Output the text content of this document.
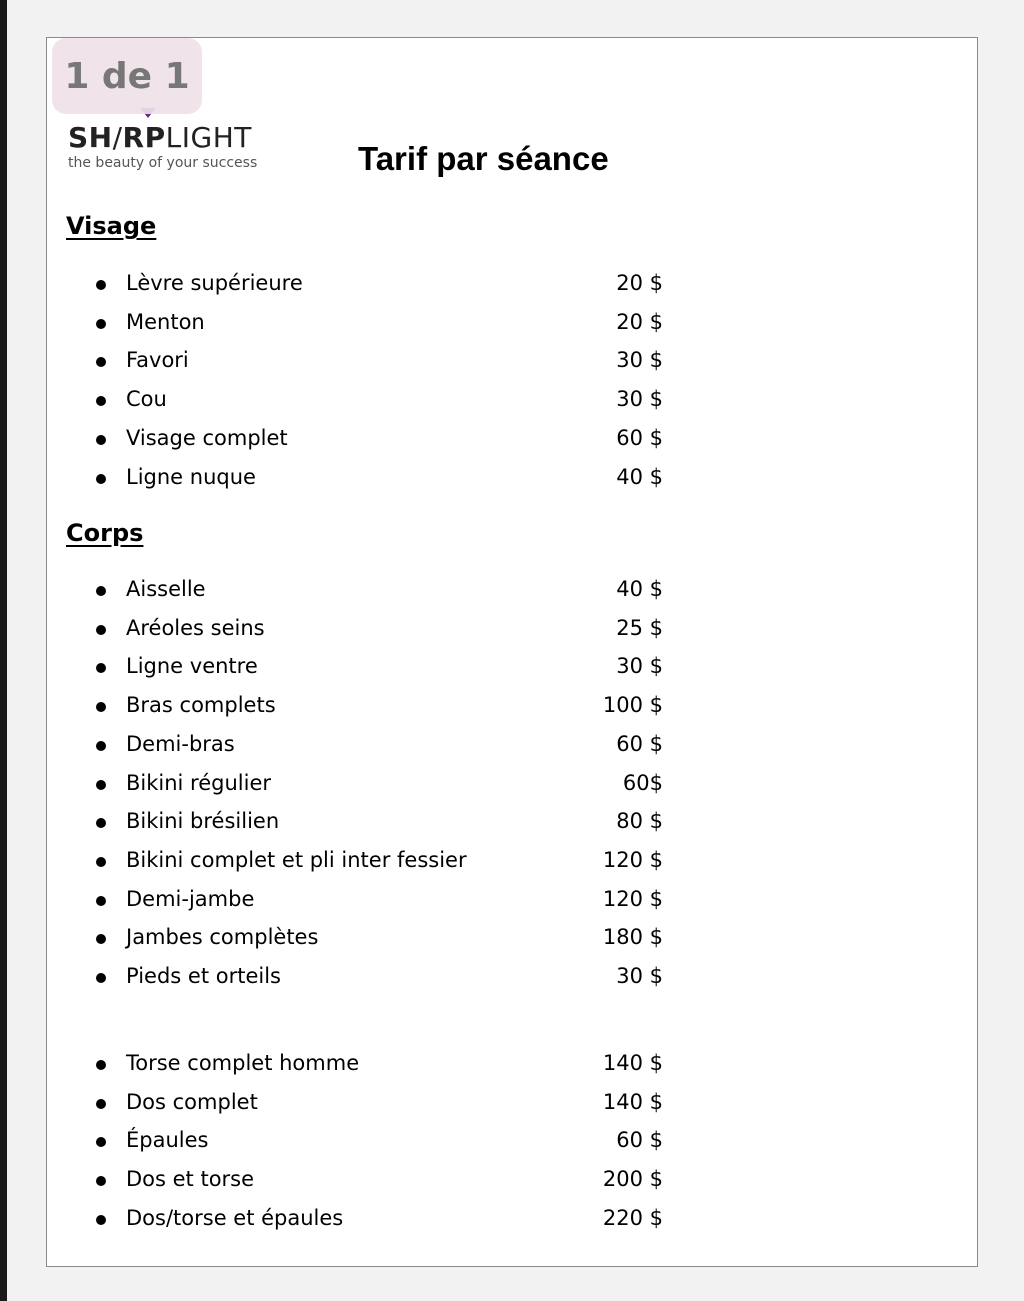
1 de 1
SH/RPLIGHT
the beauty of your success	Tarif par séance
Visage
Corps
Lèvre supérieure	20 $
Menton	20 $
Favori	30 $
Cou	30 $
Visage complet	60 $
Ligne nuque	40 $
Aisselle	40 $
Aréoles seins	25 $
Ligne ventre	30 $
Bras complets	100 $
Demi-bras	60 $
Bikini régulier	60$
Bikini brésilien	80 $
Bikini complet et pli inter fessier	120 $
Demi-jambe	120 $
Jambes complètes	180 $
Pieds et orteils	30 $
Torse complet homme	140 $
Dos complet	140 $
Épaules	60 $
Dos et torse	200 $
Dos/torse et épaules	220 $
